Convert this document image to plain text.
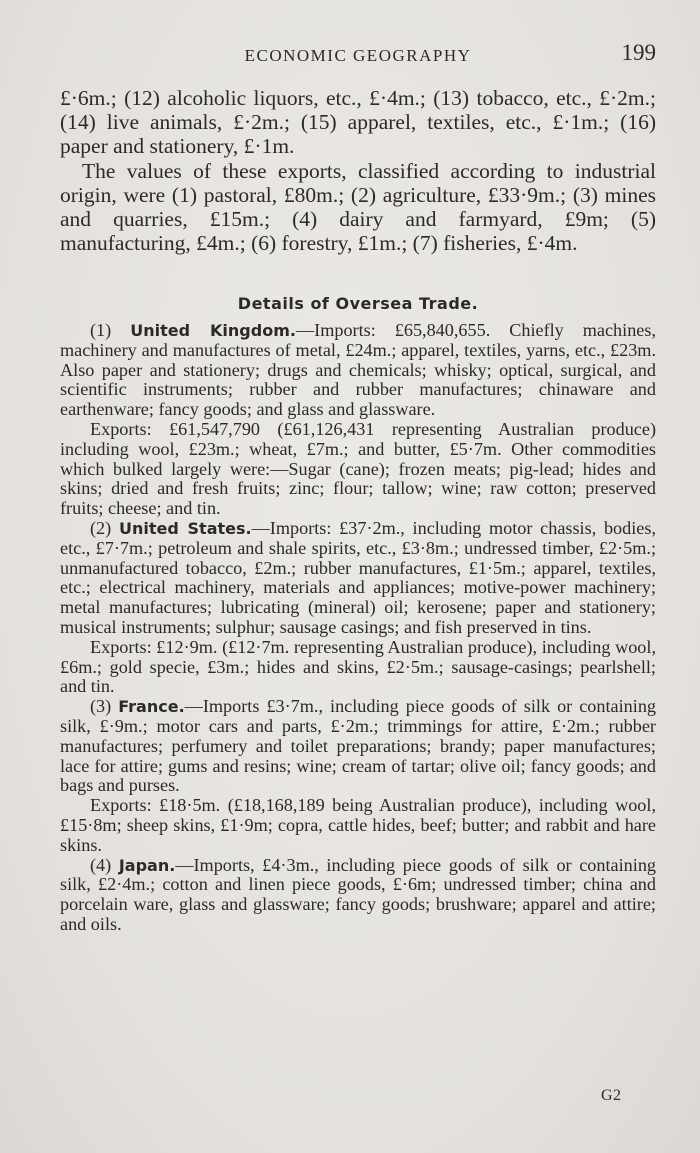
ECONOMIC GEOGRAPHY	199

£·6m.; (12) alcoholic liquors, etc., £·4m.; (13) tobacco, etc., £·2m.; (14) live animals, £·2m.; (15) apparel, textiles, etc., £·1m.; (16) paper and stationery, £·1m.

The values of these exports, classified according to industrial origin, were (1) pastoral, £80m.; (2) agriculture, £33·9m.; (3) mines and quarries, £15m.; (4) dairy and farmyard, £9m; (5) manufacturing, £4m.; (6) forestry, £1m.; (7) fisheries, £·4m.

Details of Oversea Trade.

(1) United Kingdom.—Imports: £65,840,655. Chiefly machines, machinery and manufactures of metal, £24m.; apparel, textiles, yarns, etc., £23m. Also paper and stationery; drugs and chemicals; whisky; optical, surgical, and scientific instruments; rubber and rubber manufactures; chinaware and earthenware; fancy goods; and glass and glassware.

Exports: £61,547,790 (£61,126,431 representing Australian produce) including wool, £23m.; wheat, £7m.; and butter, £5·7m. Other commodities which bulked largely were:—Sugar (cane); frozen meats; pig-lead; hides and skins; dried and fresh fruits; zinc; flour; tallow; wine; raw cotton; preserved fruits; cheese; and tin.

(2) United States.—Imports: £37·2m., including motor chassis, bodies, etc., £7·7m.; petroleum and shale spirits, etc., £3·8m.; undressed timber, £2·5m.; unmanufactured tobacco, £2m.; rubber manufactures, £1·5m.; apparel, textiles, etc.; electrical machinery, materials and appliances; motive-power machinery; metal manufactures; lubricating (mineral) oil; kerosene; paper and stationery; musical instruments; sulphur; sausage casings; and fish preserved in tins.

Exports: £12·9m. (£12·7m. representing Australian produce), including wool, £6m.; gold specie, £3m.; hides and skins, £2·5m.; sausage-casings; pearlshell; and tin.

(3) France.—Imports £3·7m., including piece goods of silk or containing silk, £·9m.; motor cars and parts, £·2m.; trimmings for attire, £·2m.; rubber manufactures; perfumery and toilet preparations; brandy; paper manufactures; lace for attire; gums and resins; wine; cream of tartar; olive oil; fancy goods; and bags and purses.

Exports: £18·5m. (£18,168,189 being Australian produce), including wool, £15·8m; sheep skins, £1·9m; copra, cattle hides, beef; butter; and rabbit and hare skins.

(4) Japan.—Imports, £4·3m., including piece goods of silk or containing silk, £2·4m.; cotton and linen piece goods, £·6m; undressed timber; china and porcelain ware, glass and glassware; fancy goods; brushware; apparel and attire; and oils.

G2
